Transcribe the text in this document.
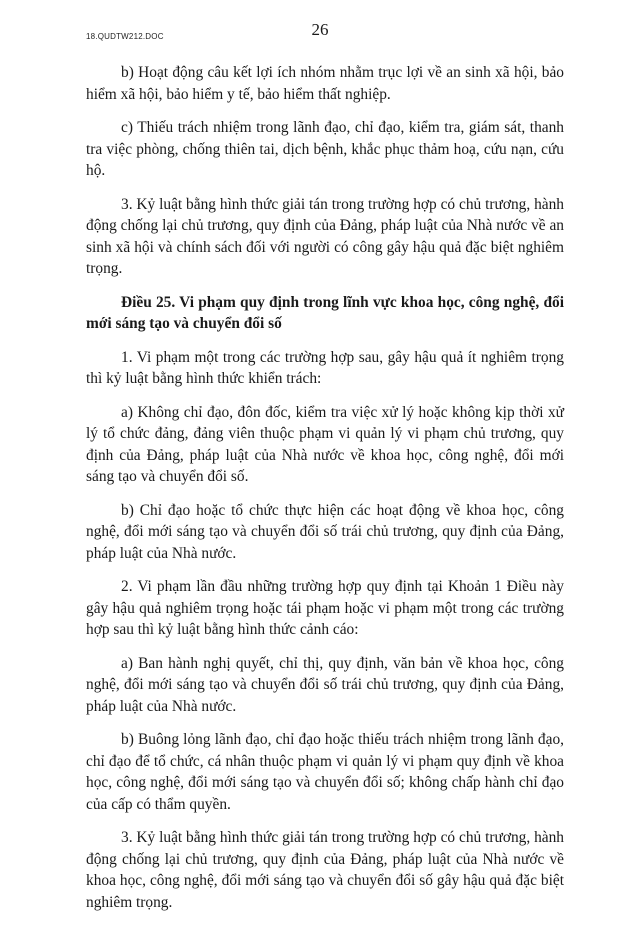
18.QUDTW212.DOC	26

b) Hoạt động câu kết lợi ích nhóm nhằm trục lợi về an sinh xã hội, bảo hiểm xã hội, bảo hiểm y tế, bảo hiểm thất nghiệp.

c) Thiếu trách nhiệm trong lãnh đạo, chỉ đạo, kiểm tra, giám sát, thanh tra việc phòng, chống thiên tai, dịch bệnh, khắc phục thảm hoạ, cứu nạn, cứu hộ.

3. Kỷ luật bằng hình thức giải tán trong trường hợp có chủ trương, hành động chống lại chủ trương, quy định của Đảng, pháp luật của Nhà nước về an sinh xã hội và chính sách đối với người có công gây hậu quả đặc biệt nghiêm trọng.

Điều 25. Vi phạm quy định trong lĩnh vực khoa học, công nghệ, đổi mới sáng tạo và chuyển đổi số

1. Vi phạm một trong các trường hợp sau, gây hậu quả ít nghiêm trọng thì kỷ luật bằng hình thức khiển trách:

a) Không chỉ đạo, đôn đốc, kiểm tra việc xử lý hoặc không kịp thời xử lý tổ chức đảng, đảng viên thuộc phạm vi quản lý vi phạm chủ trương, quy định của Đảng, pháp luật của Nhà nước về khoa học, công nghệ, đổi mới sáng tạo và chuyển đổi số.

b) Chỉ đạo hoặc tổ chức thực hiện các hoạt động về khoa học, công nghệ, đổi mới sáng tạo và chuyển đổi số trái chủ trương, quy định của Đảng, pháp luật của Nhà nước.

2. Vi phạm lần đầu những trường hợp quy định tại Khoản 1 Điều này gây hậu quả nghiêm trọng hoặc tái phạm hoặc vi phạm một trong các trường hợp sau thì kỷ luật bằng hình thức cảnh cáo:

a) Ban hành nghị quyết, chỉ thị, quy định, văn bản về khoa học, công nghệ, đổi mới sáng tạo và chuyển đổi số trái chủ trương, quy định của Đảng, pháp luật của Nhà nước.

b) Buông lỏng lãnh đạo, chỉ đạo hoặc thiếu trách nhiệm trong lãnh đạo, chỉ đạo để tổ chức, cá nhân thuộc phạm vi quản lý vi phạm quy định về khoa học, công nghệ, đổi mới sáng tạo và chuyển đổi số; không chấp hành chỉ đạo của cấp có thẩm quyền.

3. Kỷ luật bằng hình thức giải tán trong trường hợp có chủ trương, hành động chống lại chủ trương, quy định của Đảng, pháp luật của Nhà nước về khoa học, công nghệ, đổi mới sáng tạo và chuyển đổi số gây hậu quả đặc biệt nghiêm trọng.
